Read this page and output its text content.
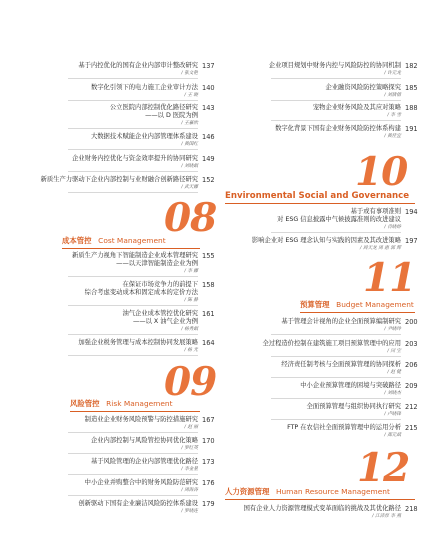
基于内控优化的国有企业内部审计整改研究
/ 张文艳
137
数字化引领下的电力施工企业审计方法
/ 王 晓
140
公立医院内部控制优化路径研究
——以 D 医院为例
/ 王嘉欣
143
大数据技术赋能企业内部管理体系建设
/ 黄国红
146
企业财务内控优化与资金效率提升的协同研究
/ 刘晓娟
149
新质生产力驱动下企业内部控制与业财融合创新路径研究
/ 武天娜
152
08
成本管控 Cost Management
新质生产力视角下智能制造企业成本管理研究
——以天津智能制造企业为例
/ 李 娜
155
在保证市场竞争力的前提下
综合考虑变动成本和固定成本的定价方法
/ 陈 静
158
油气企业成本管控优化研究
——以 X 油气企业为例
/ 杨秀娟
161
加强企业税务管理与成本控制协同发展策略
/ 杨 光
164
09
风险管控 Risk Management
制造业企业财务风险预警与防控措施研究
/ 赵 丽
167
企业内部控制与风险管控协同优化策略
/ 罗红英
170
基于风险管理的企业内部管理优化路径
/ 李金星
173
中小企业并购整合中的财务风险防范研究
/ 周海涛
176
创新驱动下国有企业廉洁风险防控体系建设
/ 罗晓连
179
企业项目规划中财务内控与风险防控的协同机制
/ 许元龙
182
企业融资风险防控策略探究
/ 刘倩倩
185
宠物企业财务风险及其应对策略
/ 李 雪
188
数字化背景下国有企业财务风险防控体系构建
/ 黄佳宜
191
10
Environmental Social and Governance
基于或有事项准则
对 ESG 信息披露中气候披露准则的改进建议
/ 肖晓娇
194
影响企业对 ESG 理念认知与实践的因素及其改进策略
/ 周天龙 周 惠 郭 辉
197
11
预算管理 Budget Management
基于管理会计视角的企业全面预算编制研究
/ 尹晓玲
200
全过程造价控制在建筑施工项目预算管理中的应用
/ 闫 宝
203
经济责任制考核与全面预算管理的协同探析
/ 赵 健
206
中小企业预算管理的困境与突破路径
/ 刘晓杰
209
全面预算管理与组织协同执行研究
/ 卢晓锋
212
FTP 在农信社全面预算管理中的运用分析
/ 郑元斌
215
12
人力资源管理 Human Resource Management
国有企业人力资源管理模式变革面临的挑战及其优化路径
/ 江沛淳 李 燕
218
